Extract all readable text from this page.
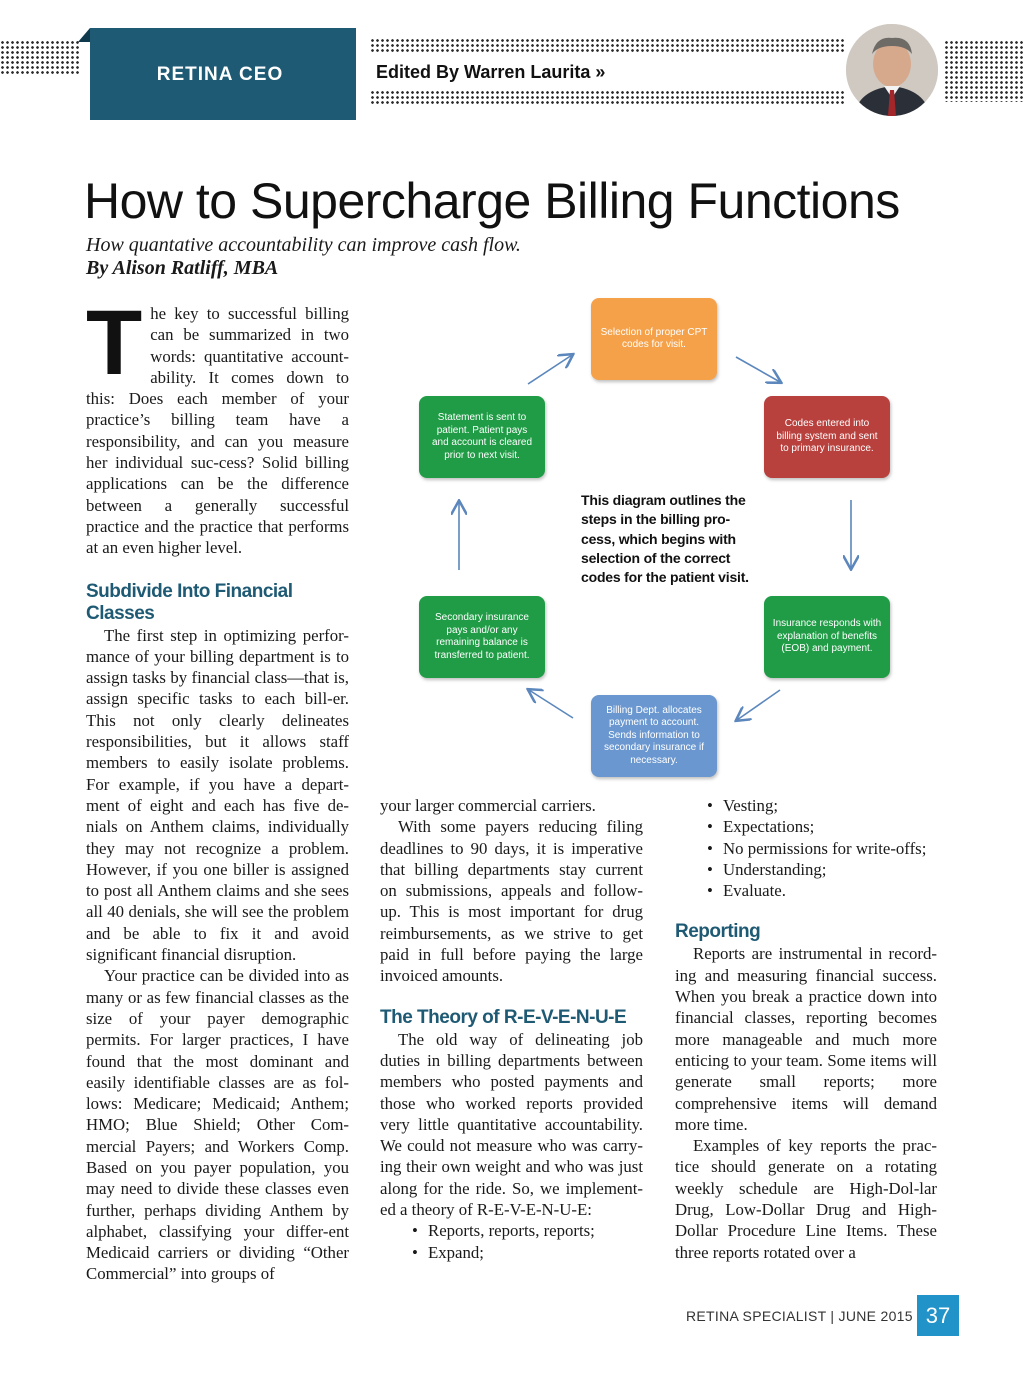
RETINA CEO	Edited By Warren Laurita »
How to Supercharge Billing Functions
How quantative accountability can improve cash flow.
By Alison Ratliff, MBA

The key to successful billing can be summarized in two words: quantitative account-ability. It comes down to this: Does each member of your practice’s billing team have a responsibility, and can you measure her individual suc-cess? Solid billing applications can be the difference between a generally successful practice and the practice that performs at an even higher level.

Subdivide Into Financial Classes

The first step in optimizing perfor-mance of your billing department is to assign tasks by financial class—that is, assign specific tasks to each bill-er. This not only clearly delineates responsibilities, but it allows staff members to easily isolate problems. For example, if you have a depart-ment of eight and each has five de-nials on Anthem claims, individually they may not recognize a problem. However, if you one biller is assigned to post all Anthem claims and she sees all 40 denials, she will see the problem and be able to fix it and avoid significant financial disruption.

Your practice can be divided into as many or as few financial classes as the size of your payer demographic permits. For larger practices, I have found that the most dominant and easily identifiable classes are as fol-lows: Medicare; Medicaid; Anthem; HMO; Blue Shield; Other Com-mercial Payers; and Workers Comp. Based on you payer population, you may need to divide these classes even further, perhaps dividing Anthem by alphabet, classifying your differ-ent Medicaid carriers or dividing “Other Commercial” into groups of

Selection of proper CPT codes for visit.
Codes entered into billing system and sent to primary insurance.
Insurance responds with explanation of benefits (EOB) and payment.
Billing Dept. allocates payment to account. Sends information to secondary insurance if necessary.
Secondary insurance pays and/or any remaining balance is transferred to patient.
Statement is sent to patient. Patient pays and account is cleared prior to next visit.
This diagram outlines the steps in the billing pro-cess, which begins with selection of the correct codes for the patient visit.

your larger commercial carriers.

With some payers reducing filing deadlines to 90 days, it is imperative that billing departments stay current on submissions, appeals and follow-up. This is most important for drug reimbursements, as we strive to get paid in full before paying the large invoiced amounts.

The Theory of R-E-V-E-N-U-E

The old way of delineating job duties in billing departments between members who posted payments and those who worked reports provided very little quantitative accountability. We could not measure who was carry-ing their own weight and who was just along for the ride. So, we implement-ed a theory of R-E-V-E-N-U-E:

• Reports, reports, reports;
• Expand;
• Vesting;
• Expectations;
• No permissions for write-offs;
• Understanding;
• Evaluate.
Reporting

Reports are instrumental in record-ing and measuring financial success. When you break a practice down into financial classes, reporting becomes more manageable and much more enticing to your team. Some items will generate small reports; more comprehensive items will demand more time.

Examples of key reports the prac-tice should generate on a rotating weekly schedule are High-Dol-lar Drug, Low-Dollar Drug and High-Dollar Procedure Line Items. These three reports rotated over a

RETINA SPECIALIST | JUNE 2015 37
